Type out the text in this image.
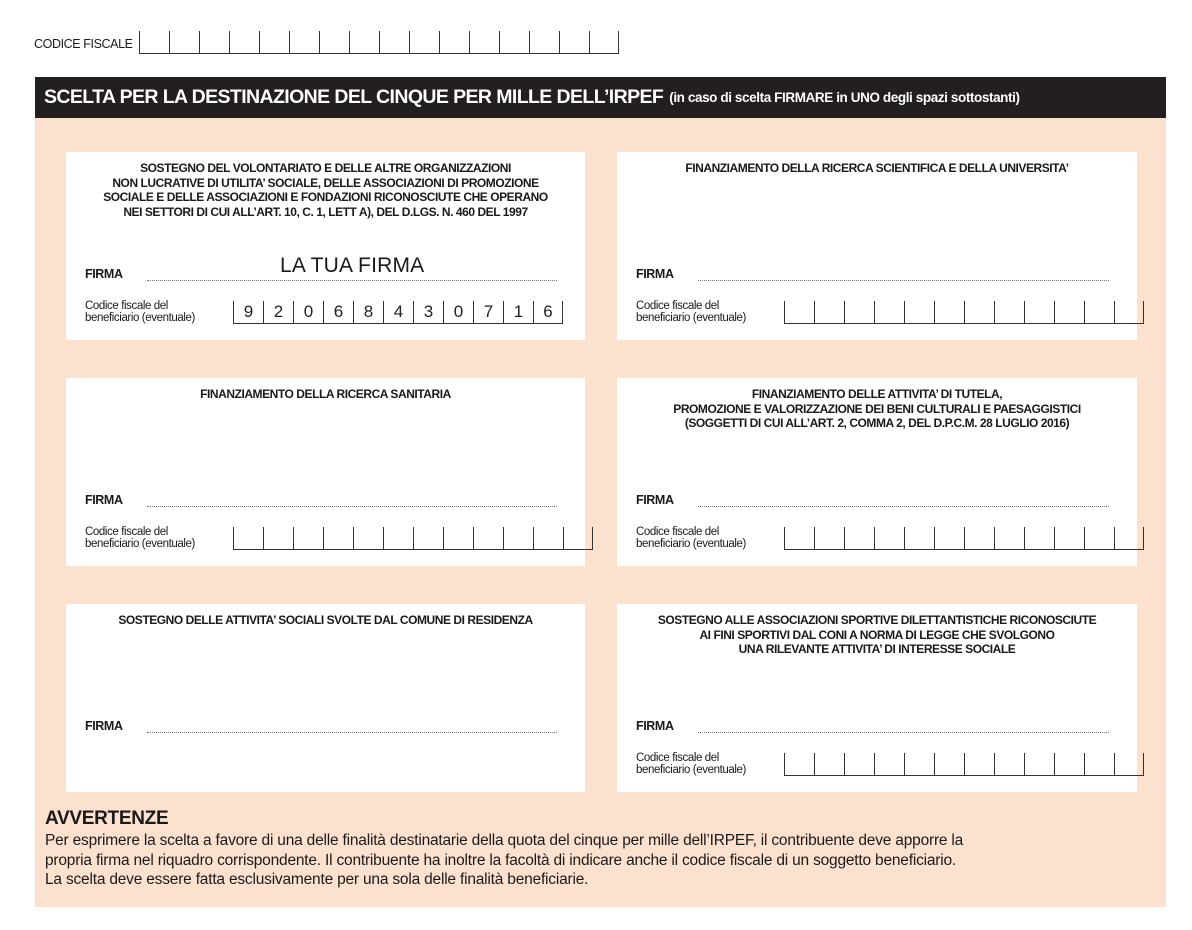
CODICE FISCALE
SCELTA PER LA DESTINAZIONE DEL CINQUE PER MILLE DELL’IRPEF (in caso di scelta FIRMARE in UNO degli spazi sottostanti)
SOSTEGNO DEL VOLONTARIATO E DELLE ALTRE ORGANIZZAZIONI
NON LUCRATIVE DI UTILITA’ SOCIALE, DELLE ASSOCIAZIONI DI PROMOZIONE
SOCIALE E DELLE ASSOCIAZIONI E FONDAZIONI RICONOSCIUTE CHE OPERANO
NEI SETTORI DI CUI ALL’ART. 10, C. 1, LETT A), DEL D.LGS. N. 460 DEL 1997
FIRMA	LA TUA FIRMA
Codice fiscale del
beneficiario (eventuale)	9	2	0	6	8	4	3	0	7	1	6
FINANZIAMENTO DELLA RICERCA SCIENTIFICA E DELLA UNIVERSITA’
FIRMA
Codice fiscale del
beneficiario (eventuale)
FINANZIAMENTO DELLA RICERCA SANITARIA
FIRMA
Codice fiscale del
beneficiario (eventuale)
FINANZIAMENTO DELLE ATTIVITA’ DI TUTELA,
PROMOZIONE E VALORIZZAZIONE DEI BENI CULTURALI E PAESAGGISTICI
(SOGGETTI DI CUI ALL’ART. 2, COMMA 2, DEL D.P.C.M. 28 LUGLIO 2016)
FIRMA
Codice fiscale del
beneficiario (eventuale)
SOSTEGNO DELLE ATTIVITA’ SOCIALI SVOLTE DAL COMUNE DI RESIDENZA
FIRMA
SOSTEGNO ALLE ASSOCIAZIONI SPORTIVE DILETTANTISTICHE RICONOSCIUTE
AI FINI SPORTIVI DAL CONI A NORMA DI LEGGE CHE SVOLGONO
UNA RILEVANTE ATTIVITA’ DI INTERESSE SOCIALE
FIRMA
Codice fiscale del
beneficiario (eventuale)
AVVERTENZE
Per esprimere la scelta a favore di una delle finalità destinatarie della quota del cinque per mille dell’IRPEF, il contribuente deve apporre la
propria firma nel riquadro corrispondente. Il contribuente ha inoltre la facoltà di indicare anche il codice fiscale di un soggetto beneficiario.
La scelta deve essere fatta esclusivamente per una sola delle finalità beneficiarie.
